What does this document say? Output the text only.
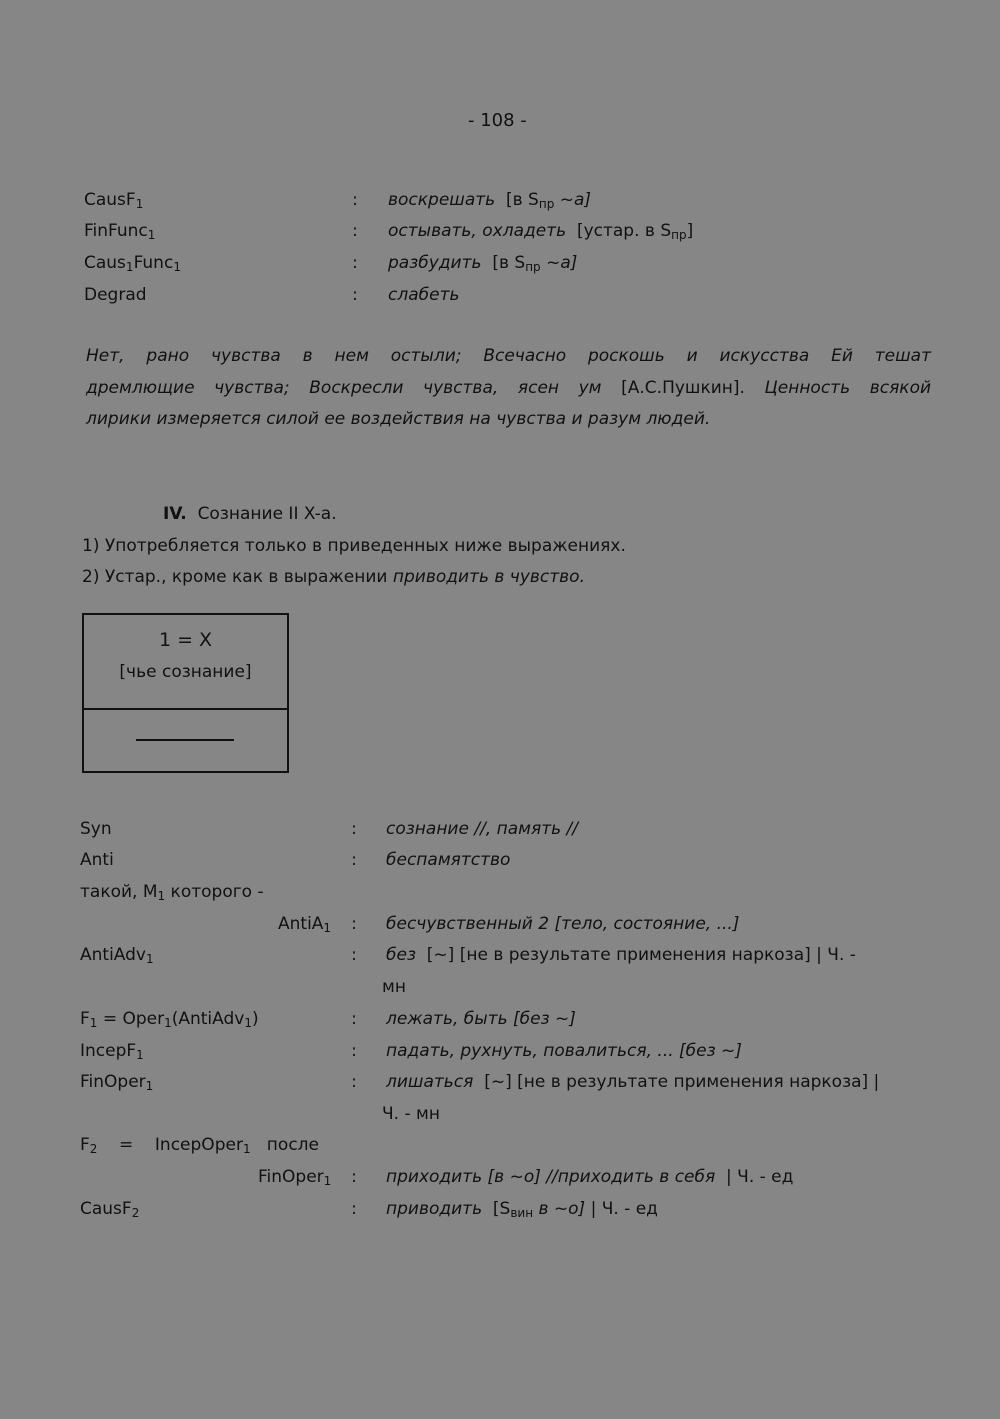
- 108 -
CausF$_1$	: воскрешать [в $S_{пр}$ ~а]
FinFunc$_1$	: остывать, охладеть [устар. в $S_{пр}$]
Caus$_1$Func$_1$	: разбудить [в $S_{пр}$ ~а]
Degrad	: слабеть
Нет, рано чувства в нем остыли; Всечасно роскошь и искусства Ей тешат
дремлющие чувства; Воскресли чувства, ясен ум [А.С.Пушкин]. Ценность всякой
лирики измеряется силой ее воздействия на чувства и разум людей.
IV. Сознание II X-а.
1) Употребляется только в приведенных ниже выражениях.
2) Устар., кроме как в выражении приводить в чувство.
1 = X
[чье сознание]
Syn	: сознание //, память //
Anti	: беспамятство
такой, $M_1$ которого -
AntiA$_1$ : бесчувственный 2 [тело, состояние, ...]
AntiAdv$_1$	: без [~] [не в результате применения наркоза] | Ч. -
мн
$F_1$ = Oper$_1$(AntiAdv$_1$)	: лежать, быть [без ~]
IncepF$_1$	: падать, рухнуть, повалиться, ... [без ~]
FinOper$_1$	: лишаться [~] [не в результате применения наркоза] |
Ч. - мн
$F_2$ = IncepOper$_1$ после
FinOper$_1$ : приходить [в ~о] //приходить в себя | Ч. - ед
CausF$_2$	: приводить [$S_{вин}$ в ~о] | Ч. - ед
